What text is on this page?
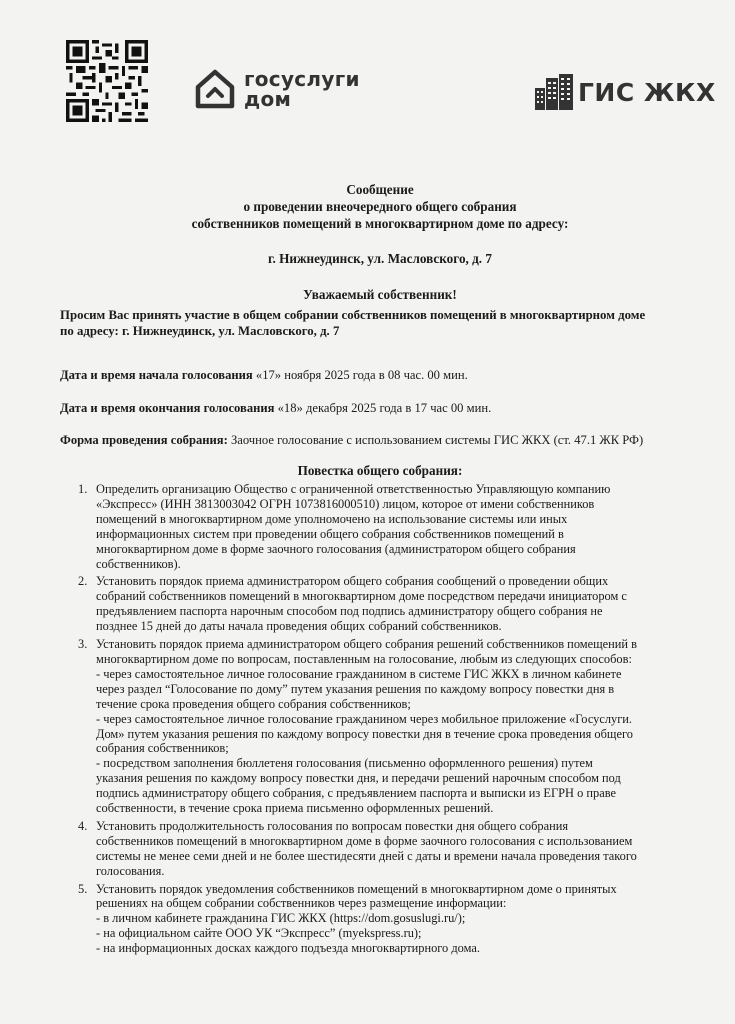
госуслуги
дом	ГИС ЖКХ
Сообщение
о проведении внеочередного общего собрания
собственников помещений в многоквартирном доме по адресу:
г. Нижнеудинск, ул. Масловского, д. 7
Уважаемый собственник!
Просим Вас принять участие в общем собрании собственников помещений в многоквартирном доме
по адресу: г. Нижнеудинск, ул. Масловского, д. 7
Дата и время начала голосования «17» ноября 2025 года в 08 час. 00 мин.
Дата и время окончания голосования «18» декабря 2025 года в 17 час 00 мин.
Форма проведения собрания: Заочное голосование с использованием системы ГИС ЖКХ (ст. 47.1 ЖК РФ)
Повестка общего собрания:
1. Определить организацию Общество с ограниченной ответственностью Управляющую компанию
«Экспресс» (ИНН 3813003042 ОГРН 1073816000510) лицом, которое от имени собственников
помещений в многоквартирном доме уполномочено на использование системы или иных
информационных систем при проведении общего собрания собственников помещений в
многоквартирном доме в форме заочного голосования (администратором общего собрания
собственников).
2. Установить порядок приема администратором общего собрания сообщений о проведении общих
собраний собственников помещений в многоквартирном доме посредством передачи инициатором с
предъявлением паспорта нарочным способом под подпись администратору общего собрания не
позднее 15 дней до даты начала проведения общих собраний собственников.
3. Установить порядок приема администратором общего собрания решений собственников помещений в
многоквартирном доме по вопросам, поставленным на голосование, любым из следующих способов:
- через самостоятельное личное голосование гражданином в системе ГИС ЖКХ в личном кабинете
через раздел “Голосование по дому” путем указания решения по каждому вопросу повестки дня в
течение срока проведения общего собрания собственников;
- через самостоятельное личное голосование гражданином через мобильное приложение «Госуслуги.
Дом» путем указания решения по каждому вопросу повестки дня в течение срока проведения общего
собрания собственников;
- посредством заполнения бюллетеня голосования (письменно оформленного решения) путем
указания решения по каждому вопросу повестки дня, и передачи решений нарочным способом под
подпись администратору общего собрания, с предъявлением паспорта и выписки из ЕГРН о праве
собственности, в течение срока приема письменно оформленных решений.
4. Установить продолжительность голосования по вопросам повестки дня общего собрания
собственников помещений в многоквартирном доме в форме заочного голосования с использованием
системы не менее семи дней и не более шестидесяти дней с даты и времени начала проведения такого
голосования.
5. Установить порядок уведомления собственников помещений в многоквартирном доме о принятых
решениях на общем собрании собственников через размещение информации:
- в личном кабинете гражданина ГИС ЖКХ (https://dom.gosuslugi.ru/);
- на официальном сайте ООО УК “Экспресс” (myekspress.ru);
- на информационных досках каждого подъезда многоквартирного дома.
